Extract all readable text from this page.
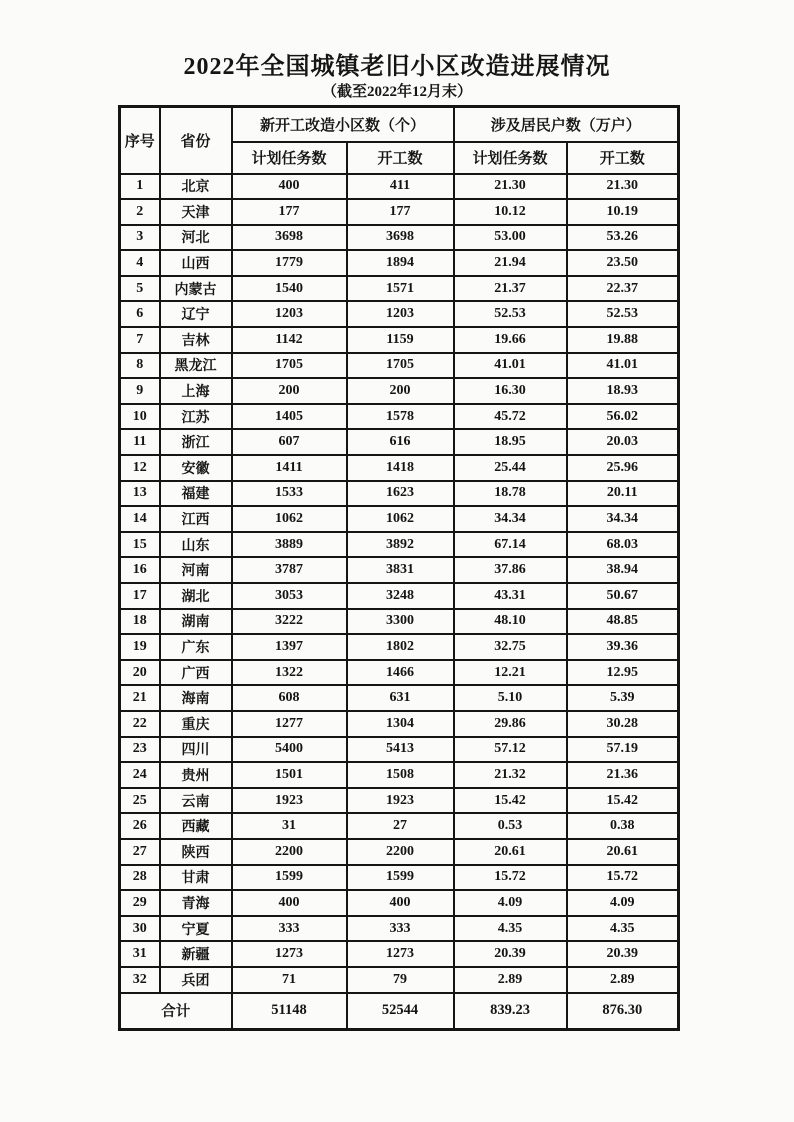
2022年全国城镇老旧小区改造进展情况
（截至2022年12月末）
序号	省份	新开工改造小区数（个）		涉及居民户数（万户）	
		计划任务数	开工数	计划任务数	开工数
1	北京	400	411	21.30	21.30
2	天津	177	177	10.12	10.19
3	河北	3698	3698	53.00	53.26
4	山西	1779	1894	21.94	23.50
5	内蒙古	1540	1571	21.37	22.37
6	辽宁	1203	1203	52.53	52.53
7	吉林	1142	1159	19.66	19.88
8	黑龙江	1705	1705	41.01	41.01
9	上海	200	200	16.30	18.93
10	江苏	1405	1578	45.72	56.02
11	浙江	607	616	18.95	20.03
12	安徽	1411	1418	25.44	25.96
13	福建	1533	1623	18.78	20.11
14	江西	1062	1062	34.34	34.34
15	山东	3889	3892	67.14	68.03
16	河南	3787	3831	37.86	38.94
17	湖北	3053	3248	43.31	50.67
18	湖南	3222	3300	48.10	48.85
19	广东	1397	1802	32.75	39.36
20	广西	1322	1466	12.21	12.95
21	海南	608	631	5.10	5.39
22	重庆	1277	1304	29.86	30.28
23	四川	5400	5413	57.12	57.19
24	贵州	1501	1508	21.32	21.36
25	云南	1923	1923	15.42	15.42
26	西藏	31	27	0.53	0.38
27	陕西	2200	2200	20.61	20.61
28	甘肃	1599	1599	15.72	15.72
29	青海	400	400	4.09	4.09
30	宁夏	333	333	4.35	4.35
31	新疆	1273	1273	20.39	20.39
32	兵团	71	79	2.89	2.89
合计		51148	52544	839.23	876.30
